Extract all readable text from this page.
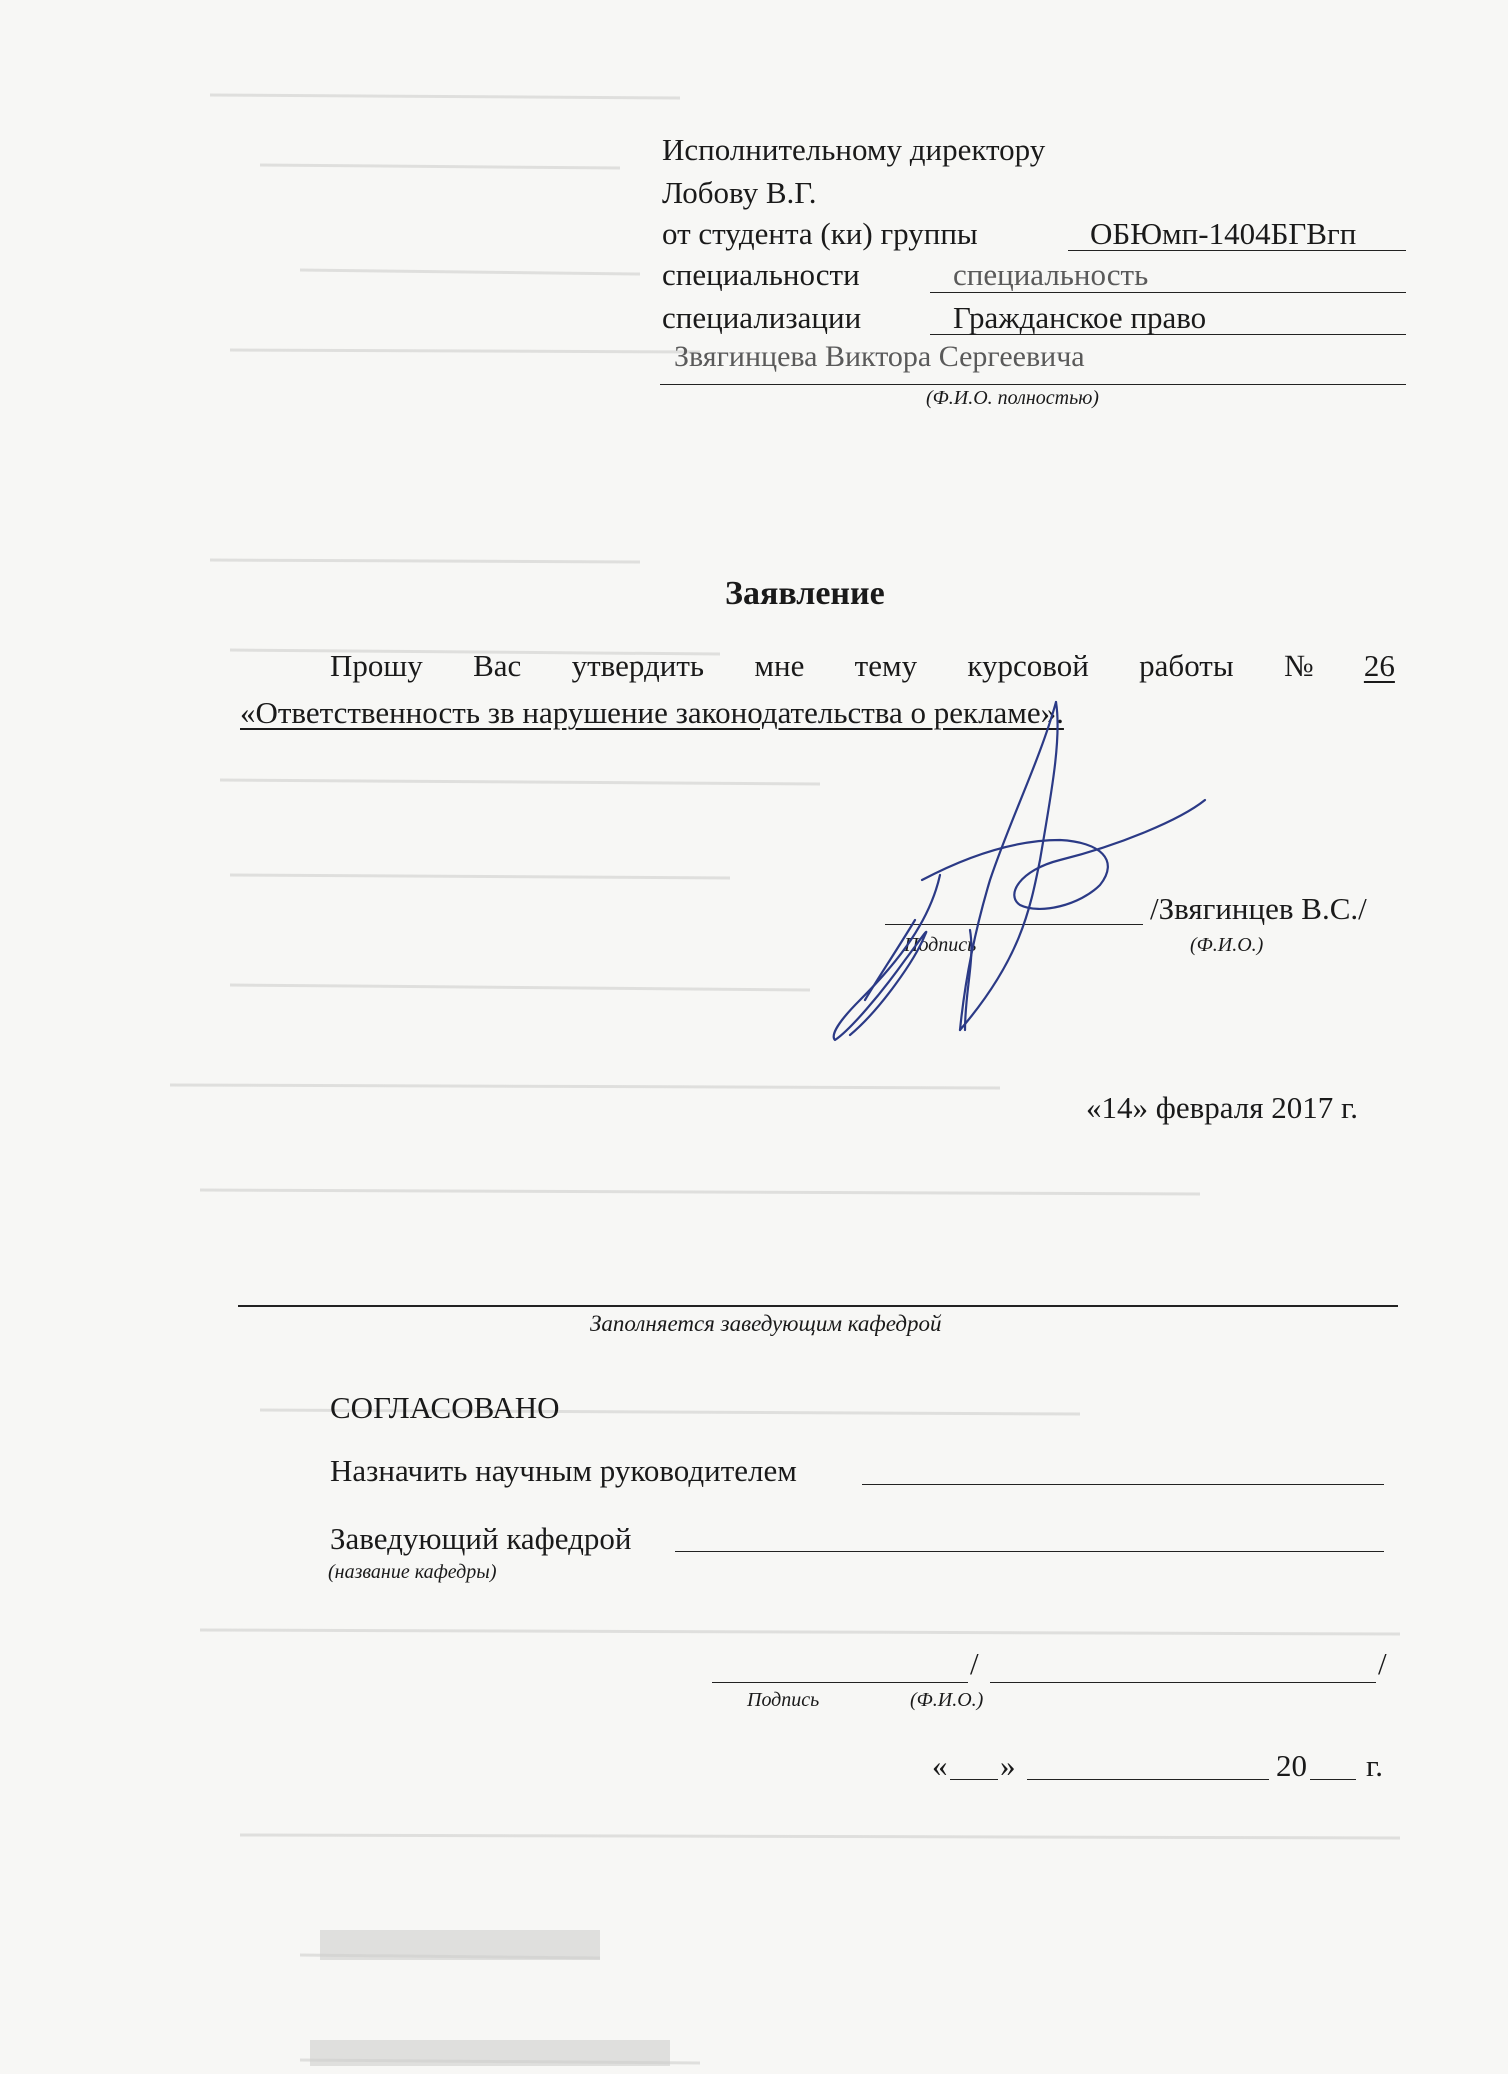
Исполнительному директору
Лобову В.Г.
от студента (ки) группы	ОБЮмп-1404БГВгп
специальности	специальность
специализации	Гражданское право
Звягинцева Виктора Сергеевича
(Ф.И.О. полностью)
Заявление
Прошу Вас утвердить мне тему курсовой работы № 26
«Ответственность зв нарушение законодательства о рекламе».
/Звягинцев В.С./
Подпись	(Ф.И.О.)
«14» февраля 2017 г.
Заполняется заведующим кафедрой
СОГЛАСОВАНО
Назначить научным руководителем
Заведующий кафедрой
(название кафедры)
/	/
Подпись	(Ф.И.О.)
« »	20 г.
